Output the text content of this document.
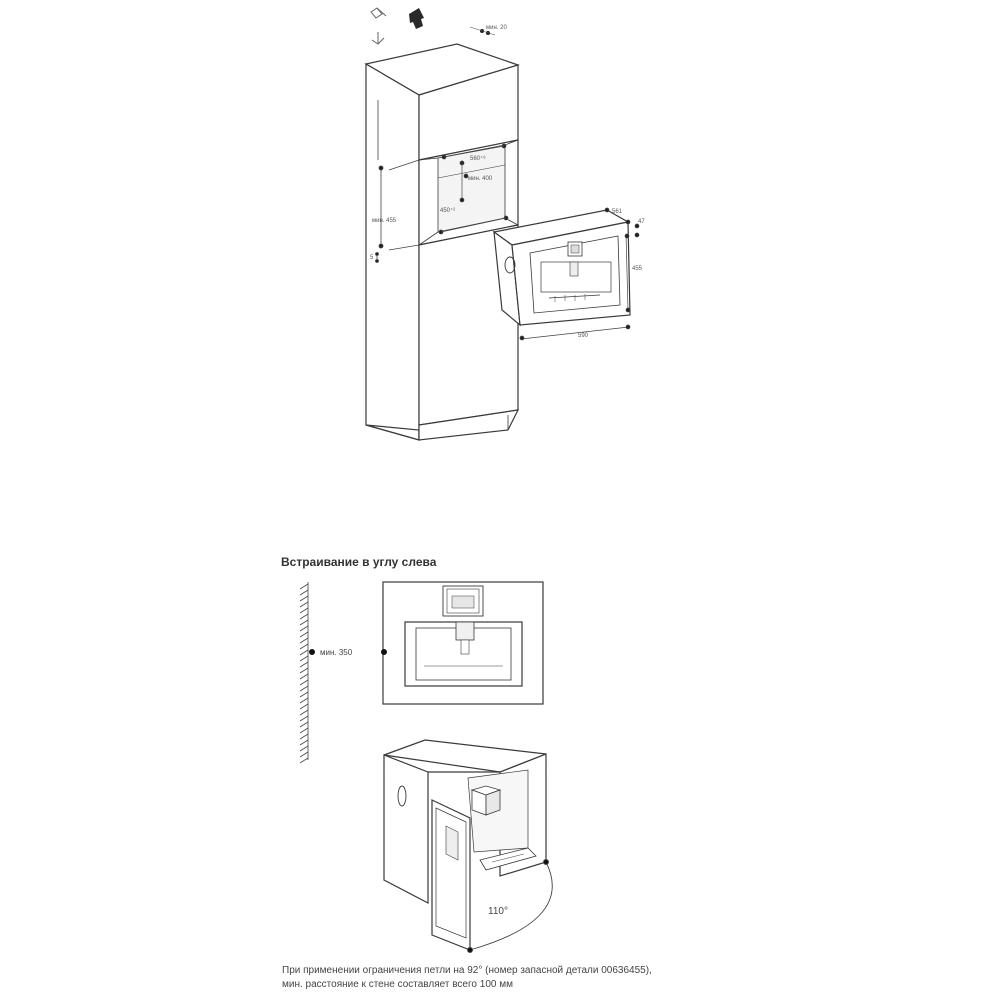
мин. 20
мин. 455
5
560⁺⁸
мин. 400
450⁺²	561
47
455
590
мин. 350
110°

Встраивание в углу слева

При применении ограничения петли на 92° (номер запасной детали 00636455),
мин. расстояние к стене составляет всего 100 мм
